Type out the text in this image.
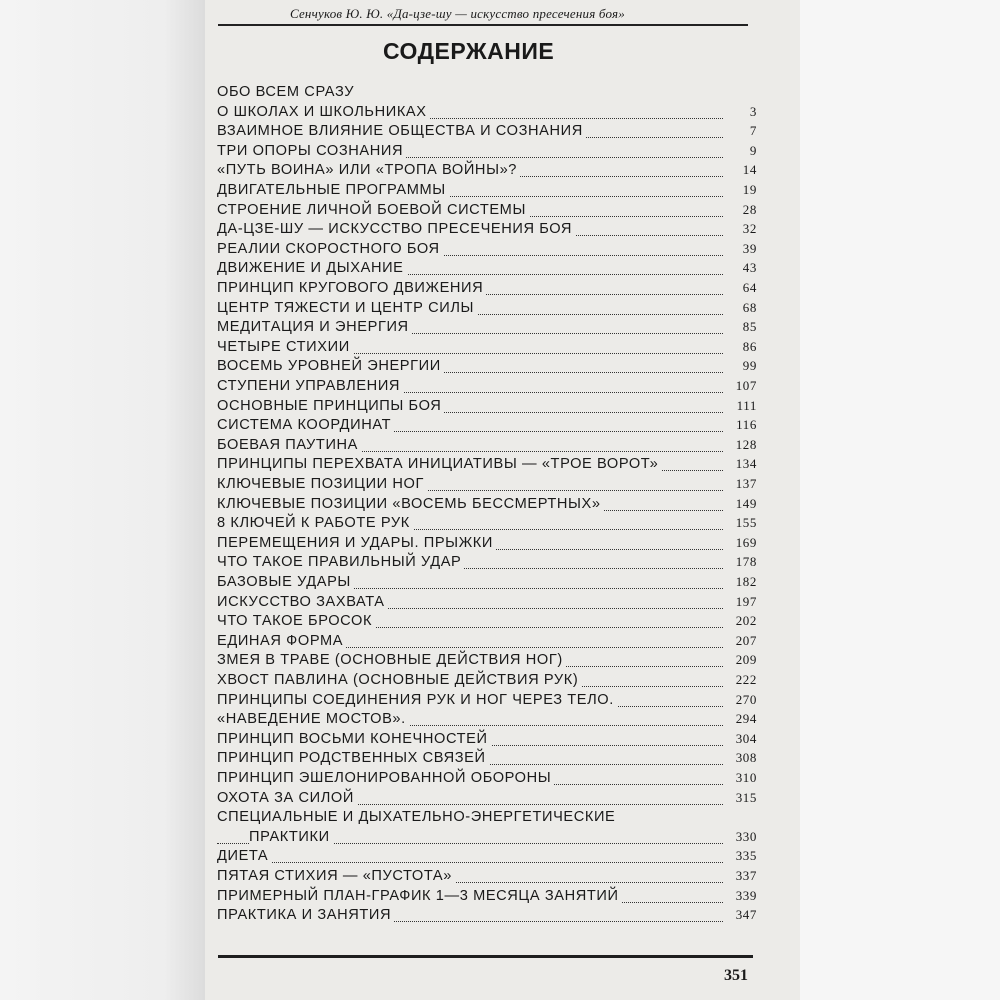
Сенчуков Ю. Ю. «Да-цзе-шу — искусство пресечения боя»
СОДЕРЖАНИЕ
ОБО ВСЕМ СРАЗУ
О ШКОЛАХ И ШКОЛЬНИКАХ	3
ВЗАИМНОЕ ВЛИЯНИЕ ОБЩЕСТВА И СОЗНАНИЯ	7
ТРИ ОПОРЫ СОЗНАНИЯ	9
«ПУТЬ ВОИНА» ИЛИ «ТРОПА ВОЙНЫ»?	14
ДВИГАТЕЛЬНЫЕ ПРОГРАММЫ	19
СТРОЕНИЕ ЛИЧНОЙ БОЕВОЙ СИСТЕМЫ	28
ДА-ЦЗЕ-ШУ — ИСКУССТВО ПРЕСЕЧЕНИЯ БОЯ	32
РЕАЛИИ СКОРОСТНОГО БОЯ	39
ДВИЖЕНИЕ И ДЫХАНИЕ	43
ПРИНЦИП КРУГОВОГО ДВИЖЕНИЯ	64
ЦЕНТР ТЯЖЕСТИ И ЦЕНТР СИЛЫ	68
МЕДИТАЦИЯ И ЭНЕРГИЯ	85
ЧЕТЫРЕ СТИХИИ	86
ВОСЕМЬ УРОВНЕЙ ЭНЕРГИИ	99
СТУПЕНИ УПРАВЛЕНИЯ	107
ОСНОВНЫЕ ПРИНЦИПЫ БОЯ	111
СИСТЕМА КООРДИНАТ	116
БОЕВАЯ ПАУТИНА	128
ПРИНЦИПЫ ПЕРЕХВАТА ИНИЦИАТИВЫ — «ТРОЕ ВОРОТ»	134
КЛЮЧЕВЫЕ ПОЗИЦИИ НОГ	137
КЛЮЧЕВЫЕ ПОЗИЦИИ «ВОСЕМЬ БЕССМЕРТНЫХ»	149
8 КЛЮЧЕЙ К РАБОТЕ РУК	155
ПЕРЕМЕЩЕНИЯ И УДАРЫ. ПРЫЖКИ	169
ЧТО ТАКОЕ ПРАВИЛЬНЫЙ УДАР	178
БАЗОВЫЕ УДАРЫ	182
ИСКУССТВО ЗАХВАТА	197
ЧТО ТАКОЕ БРОСОК	202
ЕДИНАЯ ФОРМА	207
ЗМЕЯ В ТРАВЕ (ОСНОВНЫЕ ДЕЙСТВИЯ НОГ)	209
ХВОСТ ПАВЛИНА (ОСНОВНЫЕ ДЕЙСТВИЯ РУК)	222
ПРИНЦИПЫ СОЕДИНЕНИЯ РУК И НОГ ЧЕРЕЗ ТЕЛО.	270
«НАВЕДЕНИЕ МОСТОВ».	294
ПРИНЦИП ВОСЬМИ КОНЕЧНОСТЕЙ	304
ПРИНЦИП РОДСТВЕННЫХ СВЯЗЕЙ	308
ПРИНЦИП ЭШЕЛОНИРОВАННОЙ ОБОРОНЫ	310
ОХОТА ЗА СИЛОЙ	315
СПЕЦИАЛЬНЫЕ И ДЫХАТЕЛЬНО-ЭНЕРГЕТИЧЕСКИЕ
ПРАКТИКИ	330
ДИЕТА	335
ПЯТАЯ СТИХИЯ — «ПУСТОТА»	337
ПРИМЕРНЫЙ ПЛАН-ГРАФИК 1—3 МЕСЯЦА ЗАНЯТИЙ	339
ПРАКТИКА И ЗАНЯТИЯ	347
351
